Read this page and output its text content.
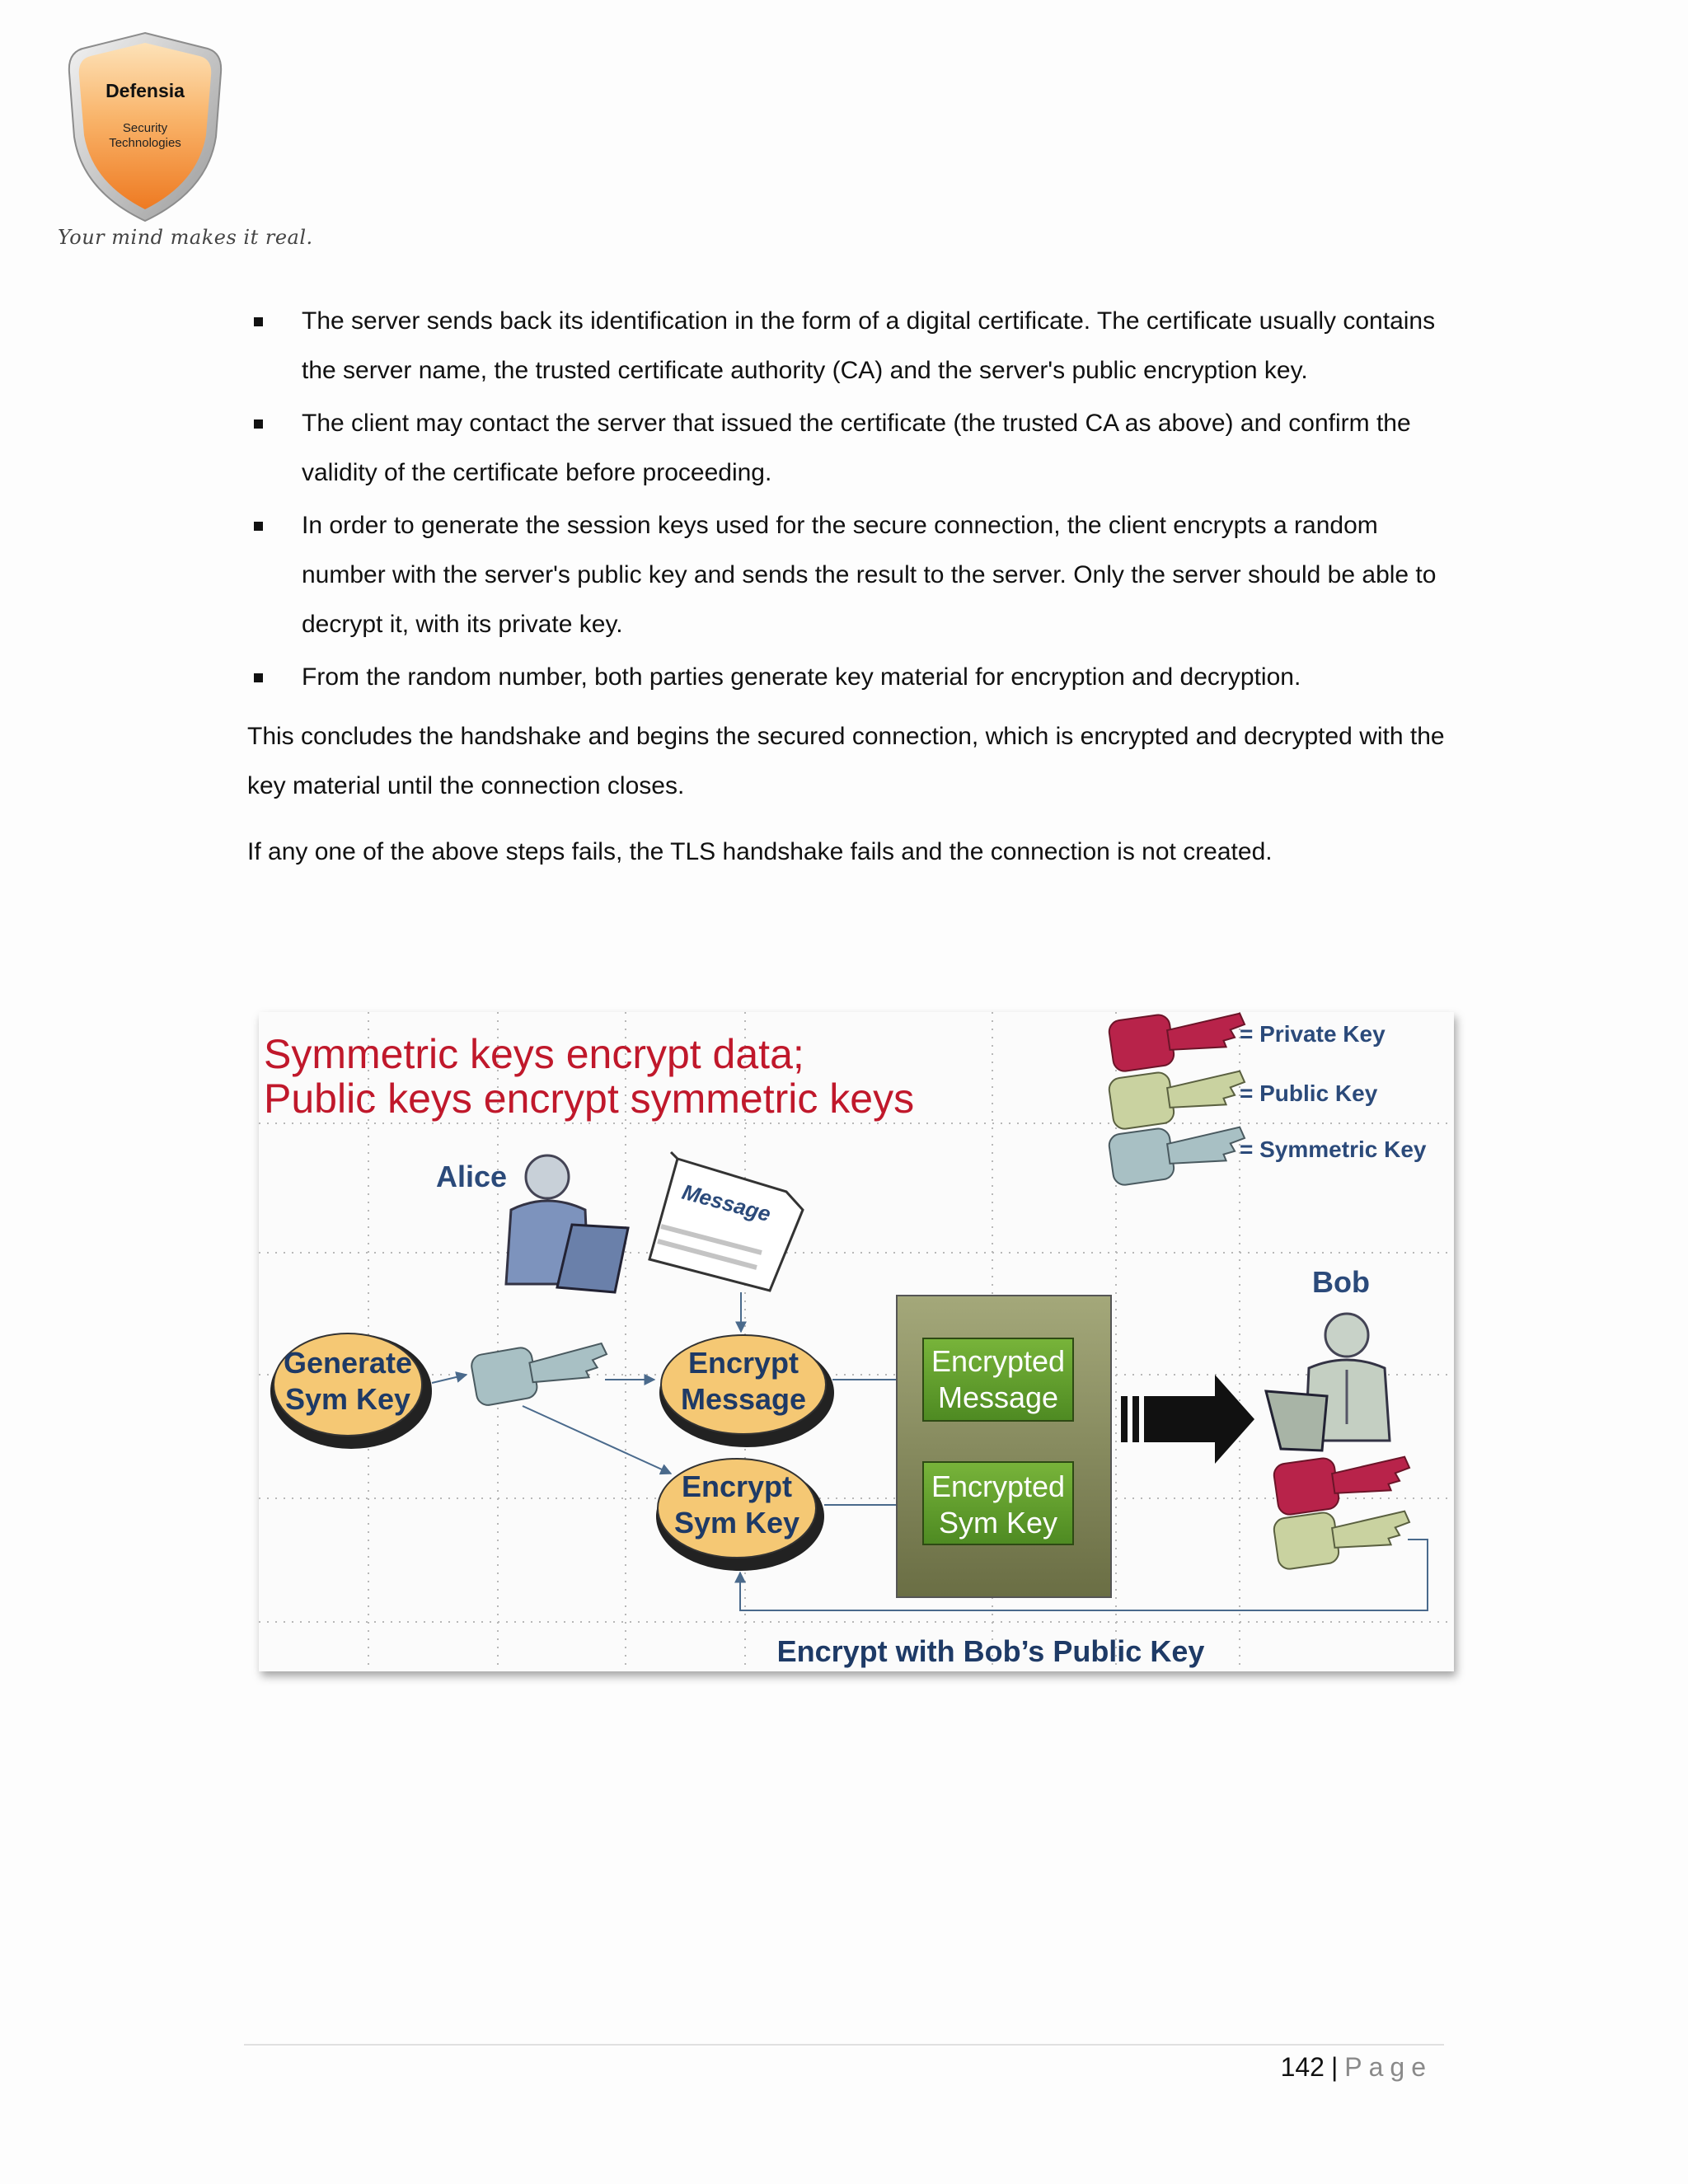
Defensia
Security
Technologies
Your mind makes it real.
The server sends back its identification in the form of a digital certificate. The certificate usually contains the server name, the trusted certificate authority (CA) and the server's public encryption key.
The client may contact the server that issued the certificate (the trusted CA as above) and confirm the validity of the certificate before proceeding.
In order to generate the session keys used for the secure connection, the client encrypts a random number with the server's public key and sends the result to the server. Only the server should be able to decrypt it, with its private key.
From the random number, both parties generate key material for encryption and decryption.

This concludes the handshake and begins the secured connection, which is encrypted and decrypted with the key material until the connection closes.

If any one of the above steps fails, the TLS handshake fails and the connection is not created.

Symmetric keys encrypt data;
Public keys encrypt symmetric keys
= Private Key
= Public Key
= Symmetric Key
Alice
Message
Generate
Sym Key
Encrypt
Message
Encrypt
Sym Key
Encrypted
Message
Encrypted
Sym Key
Bob
Encrypt with Bob’s Public Key
142 | Page
